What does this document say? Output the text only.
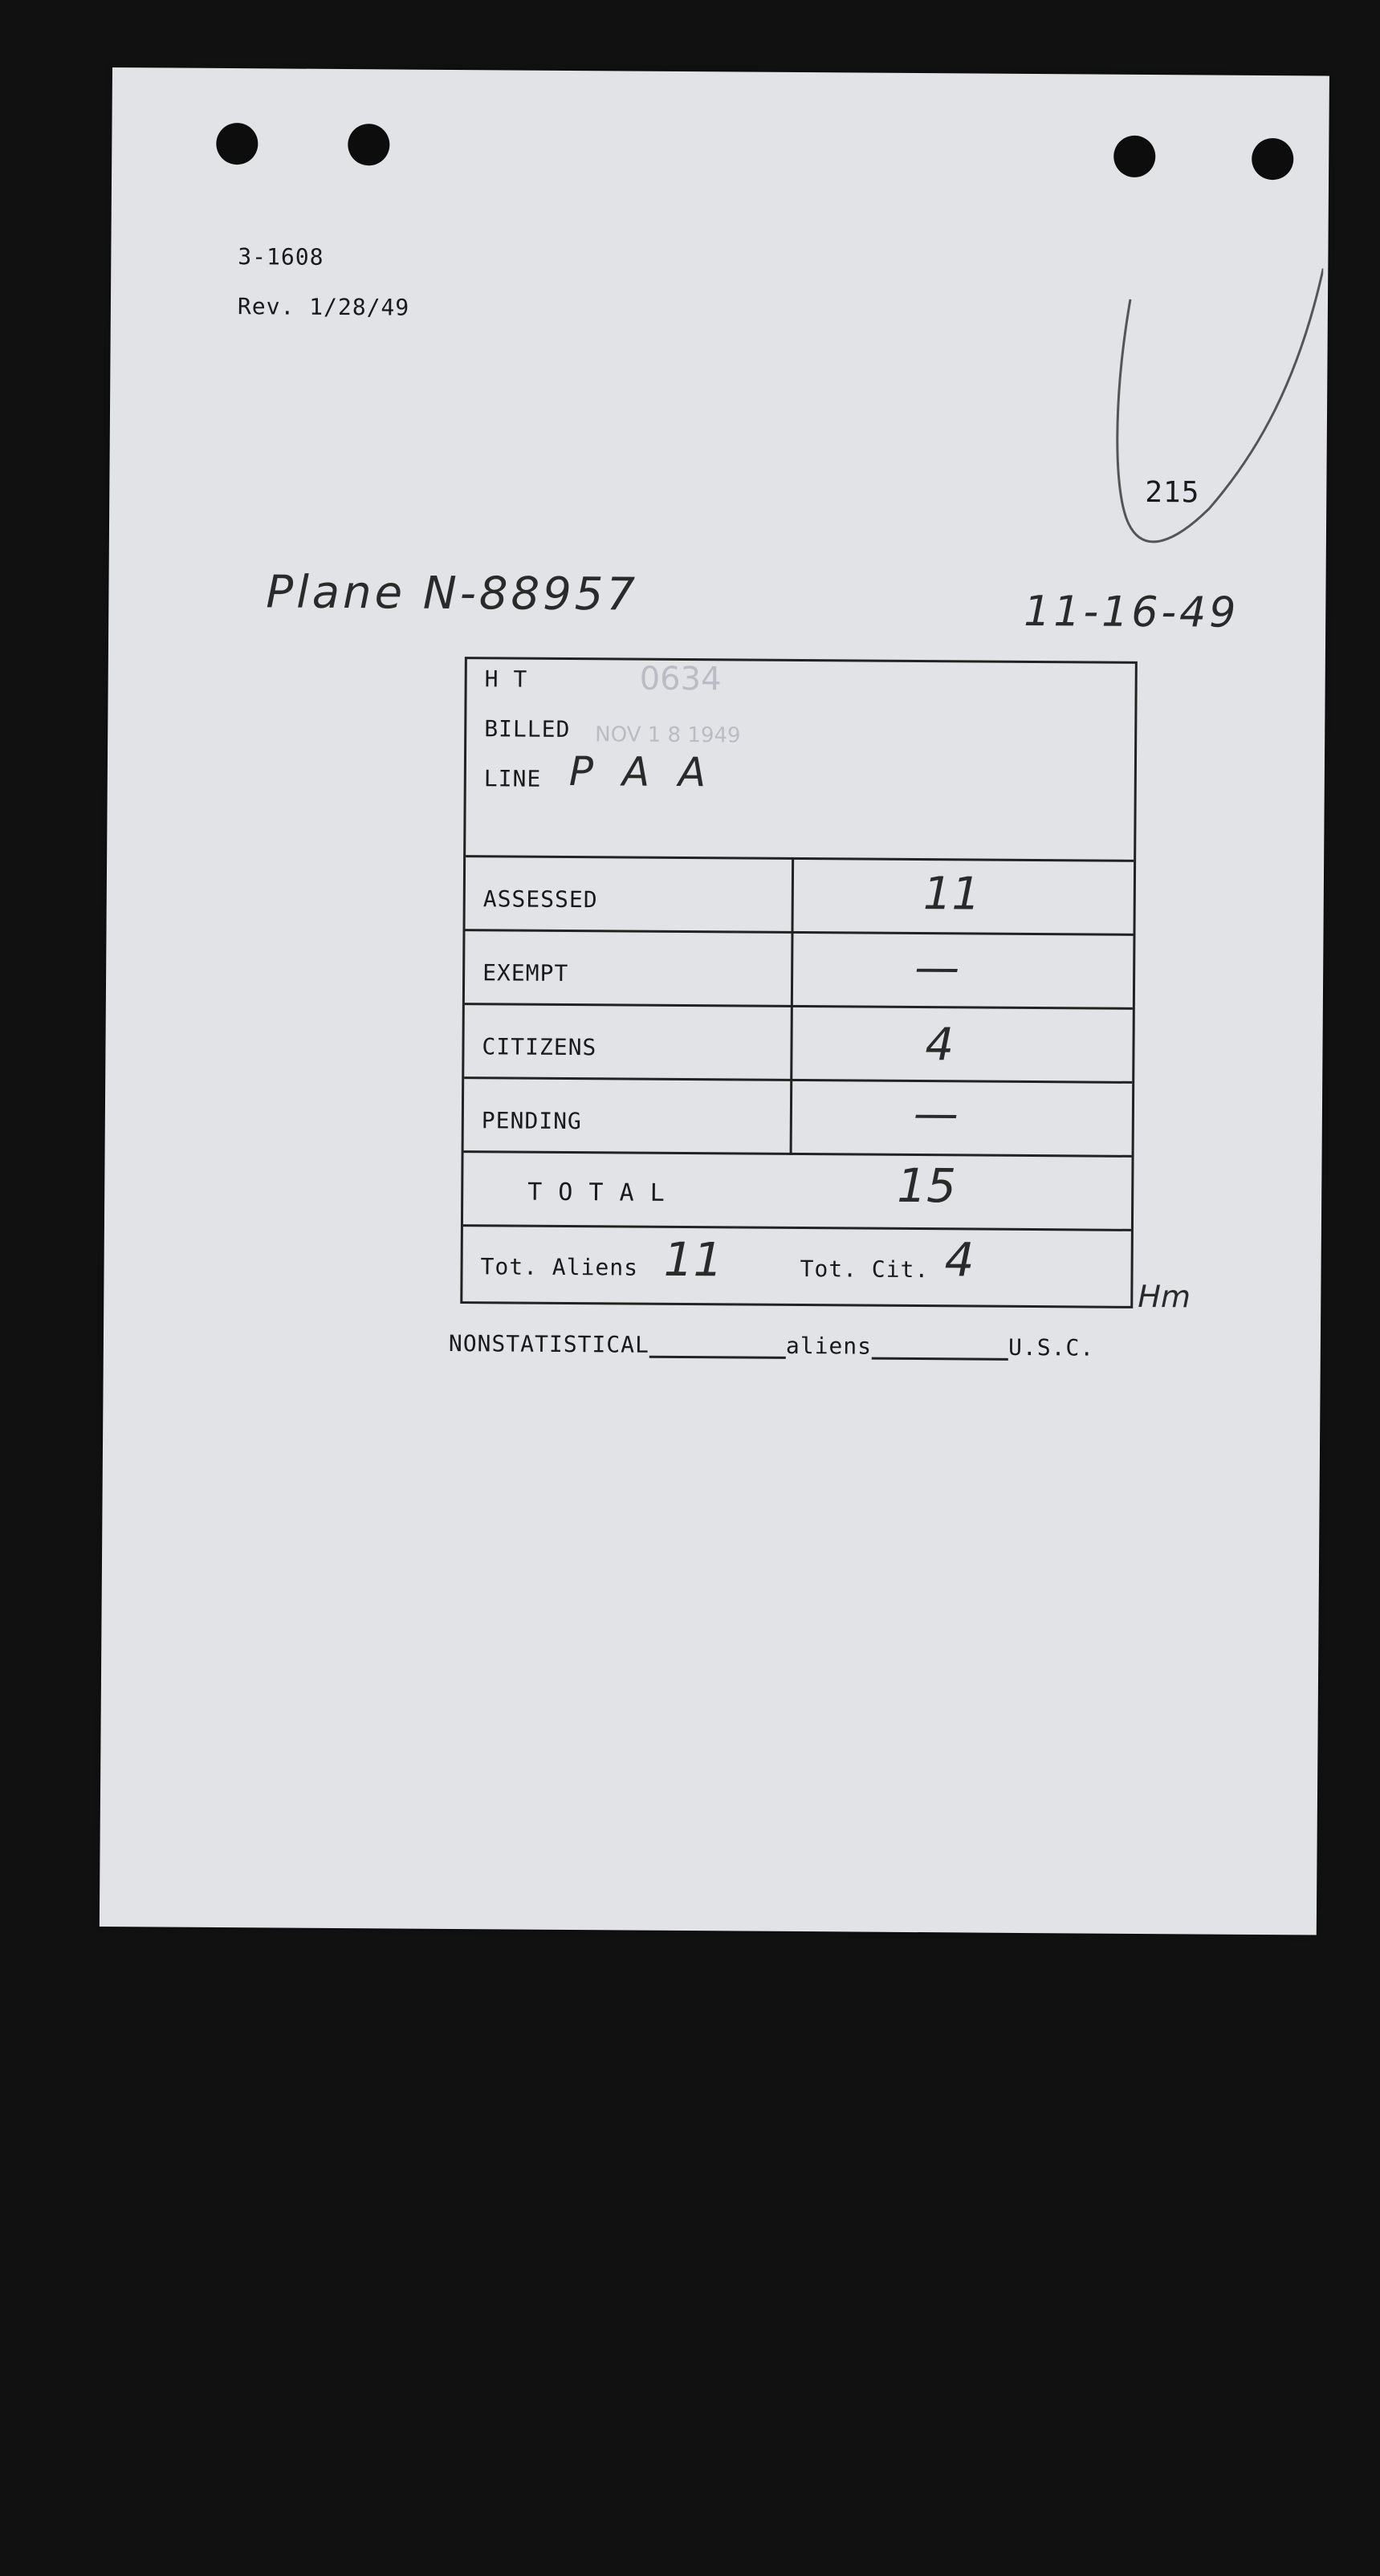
3-1608
Rev. 1/28/49
215
Plane N-88957	11-16-49
H T	0634
BILLED NOV 1 8 1949
LINE P A A
ASSESSED	11
EXEMPT	—
CITIZENS	4
PENDING	—
T O T A L	15
Tot. Aliens 11	Tot. Cit. 4
Hm
NONSTATISTICAL	aliens	U.S.C.
